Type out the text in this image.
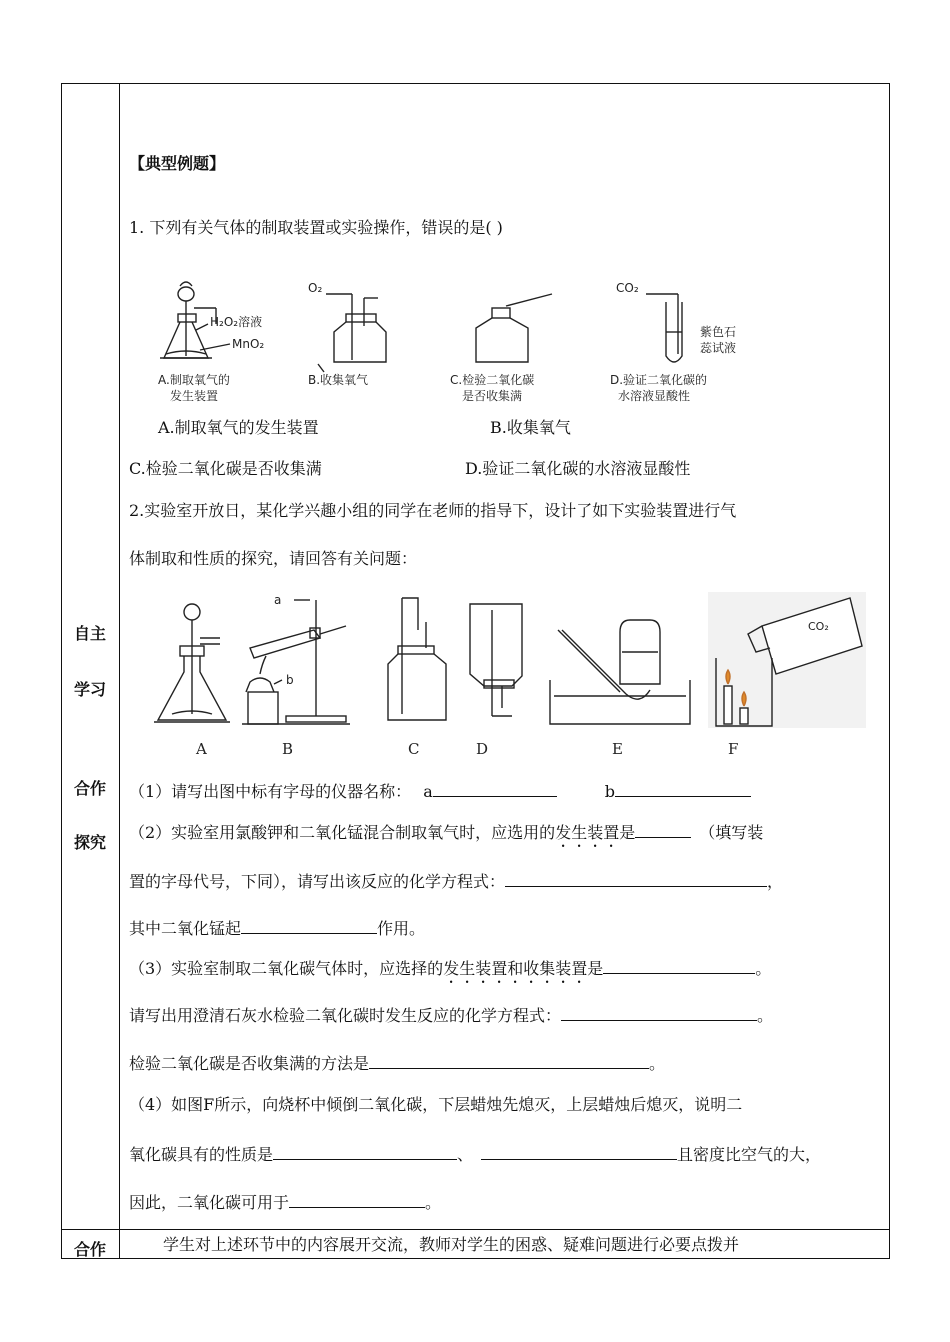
自主
学习
合作
探究
合作
【典型例题】
1. 下列有关气体的制取装置或实验操作，错误的是( )
H₂O₂溶液
MnO₂
A.制取氧气的
发生装置
O₂
B.收集氧气	C.检验二氧化碳
是否收集满
CO₂
紫色石
蕊试液
D.验证二氧化碳的
水溶液显酸性
A.制取氧气的发生装置	B.收集氧气
C.检验二氧化碳是否收集满	D.验证二氧化碳的水溶液显酸性
2.实验室开放日，某化学兴趣小组的同学在老师的指导下，设计了如下实验装置进行气
体制取和性质的探究，请回答有关问题：
a
b
CO₂
A	B	C	D	E	F
（1）请写出图中标有字母的仪器名称： a	b
（2）实验室用氯酸钾和二氧化锰混合制取氧气时，应选用的发生装置是	（填写装
置的字母代号，下同），请写出该反应的化学方程式：	，
其中二氧化锰起	作用。
（3）实验室制取二氧化碳气体时，应选择的发生装置和收集装置是	。
请写出用澄清石灰水检验二氧化碳时发生反应的化学方程式：	。
检验二氧化碳是否收集满的方法是	。
（4）如图F所示，向烧杯中倾倒二氧化碳，下层蜡烛先熄灭，上层蜡烛后熄灭，说明二
氧化碳具有的性质是	、	且密度比空气的大，
因此，二氧化碳可用于	。
学生对上述环节中的内容展开交流，教师对学生的困惑、疑难问题进行必要点拨并
